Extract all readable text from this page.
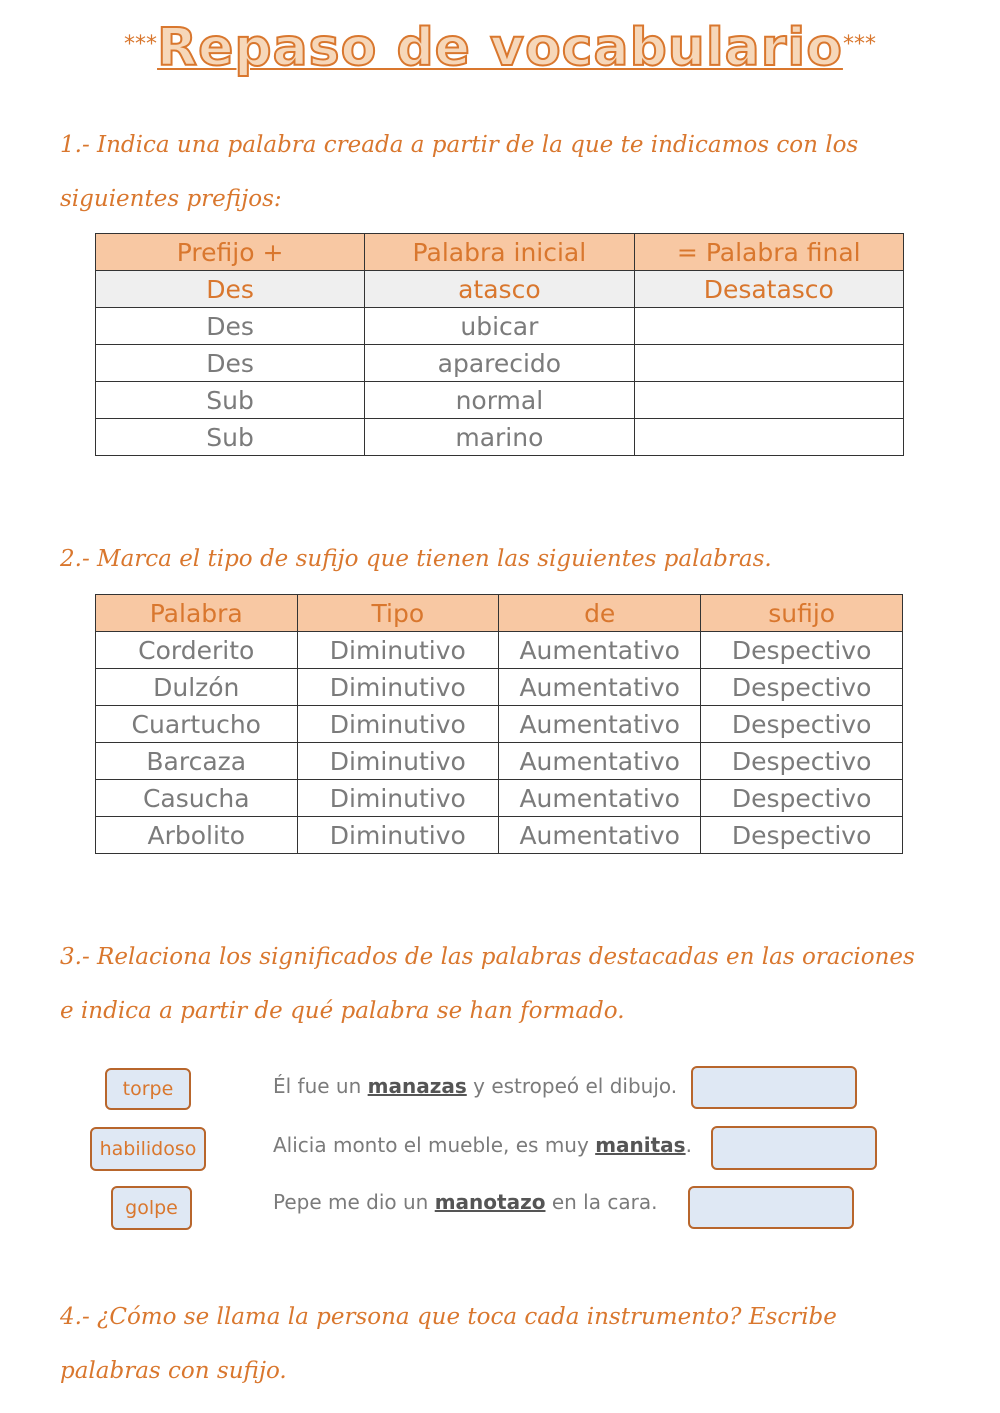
***Repaso de vocabulario***
1.- Indica una palabra creada a partir de la que te indicamos con los siguientes prefijos:
Prefijo +	Palabra inicial	= Palabra final
Des	atasco	Desatasco
Des	ubicar	
Des	aparecido	
Sub	normal	
Sub	marino	
2.- Marca el tipo de sufijo que tienen las siguientes palabras.
Palabra	Tipo	de	sufijo
Corderito	Diminutivo	Aumentativo	Despectivo
Dulzón	Diminutivo	Aumentativo	Despectivo
Cuartucho	Diminutivo	Aumentativo	Despectivo
Barcaza	Diminutivo	Aumentativo	Despectivo
Casucha	Diminutivo	Aumentativo	Despectivo
Arbolito	Diminutivo	Aumentativo	Despectivo
3.- Relaciona los significados de las palabras destacadas en las oraciones e indica a partir de qué palabra se han formado.
torpe
habilidoso
golpe
Él fue un manazas y estropeó el dibujo.
Alicia monto el mueble, es muy manitas.
Pepe me dio un manotazo en la cara.
4.- ¿Cómo se llama la persona que toca cada instrumento? Escribe palabras con sufijo.
